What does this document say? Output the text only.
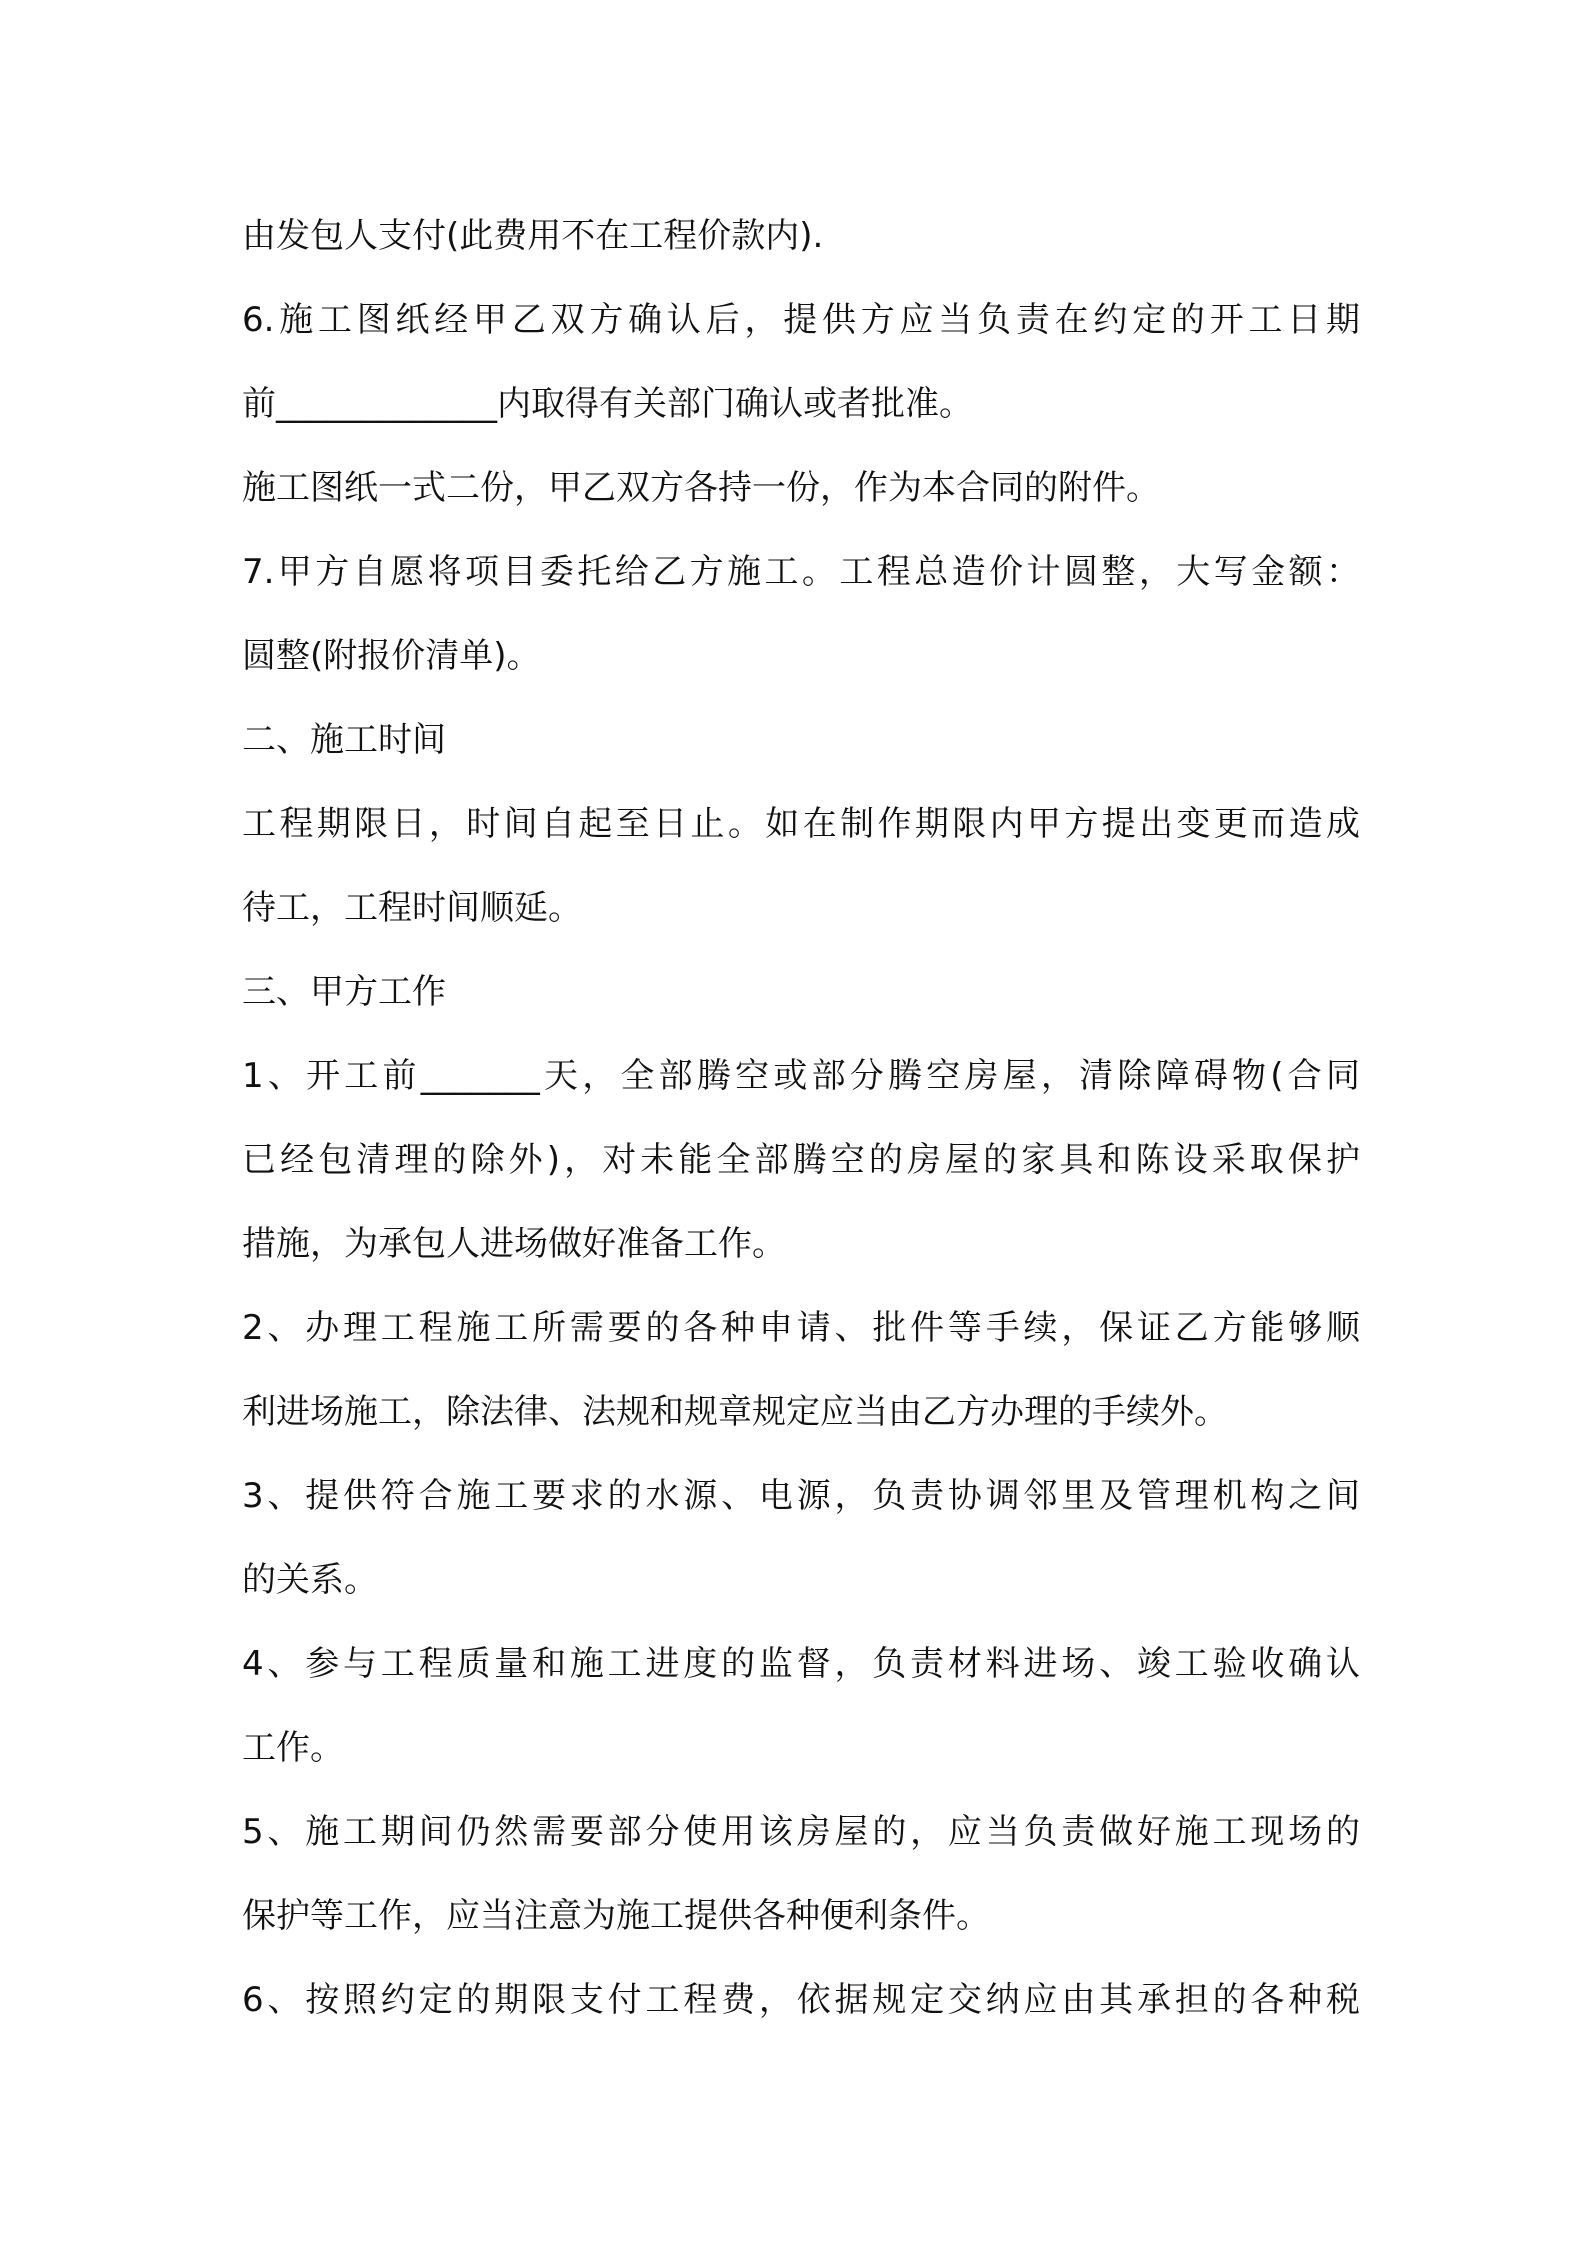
由发包人支付(此费用不在工程价款内).
6.施工图纸经甲乙双方确认后，提供方应当负责在约定的开工日期
前_____________内取得有关部门确认或者批准。
施工图纸一式二份，甲乙双方各持一份，作为本合同的附件。
7.甲方自愿将项目委托给乙方施工。工程总造价计圆整，大写金额：
圆整(附报价清单)。
二、施工时间
工程期限日，时间自起至日止。如在制作期限内甲方提出变更而造成
待工，工程时间顺延。
三、甲方工作
1、开工前_______天，全部腾空或部分腾空房屋，清除障碍物(合同
已经包清理的除外)，对未能全部腾空的房屋的家具和陈设采取保护
措施，为承包人进场做好准备工作。
2、办理工程施工所需要的各种申请、批件等手续，保证乙方能够顺
利进场施工，除法律、法规和规章规定应当由乙方办理的手续外。
3、提供符合施工要求的水源、电源，负责协调邻里及管理机构之间
的关系。
4、参与工程质量和施工进度的监督，负责材料进场、竣工验收确认
工作。
5、施工期间仍然需要部分使用该房屋的，应当负责做好施工现场的
保护等工作，应当注意为施工提供各种便利条件。
6、按照约定的期限支付工程费，依据规定交纳应由其承担的各种税
